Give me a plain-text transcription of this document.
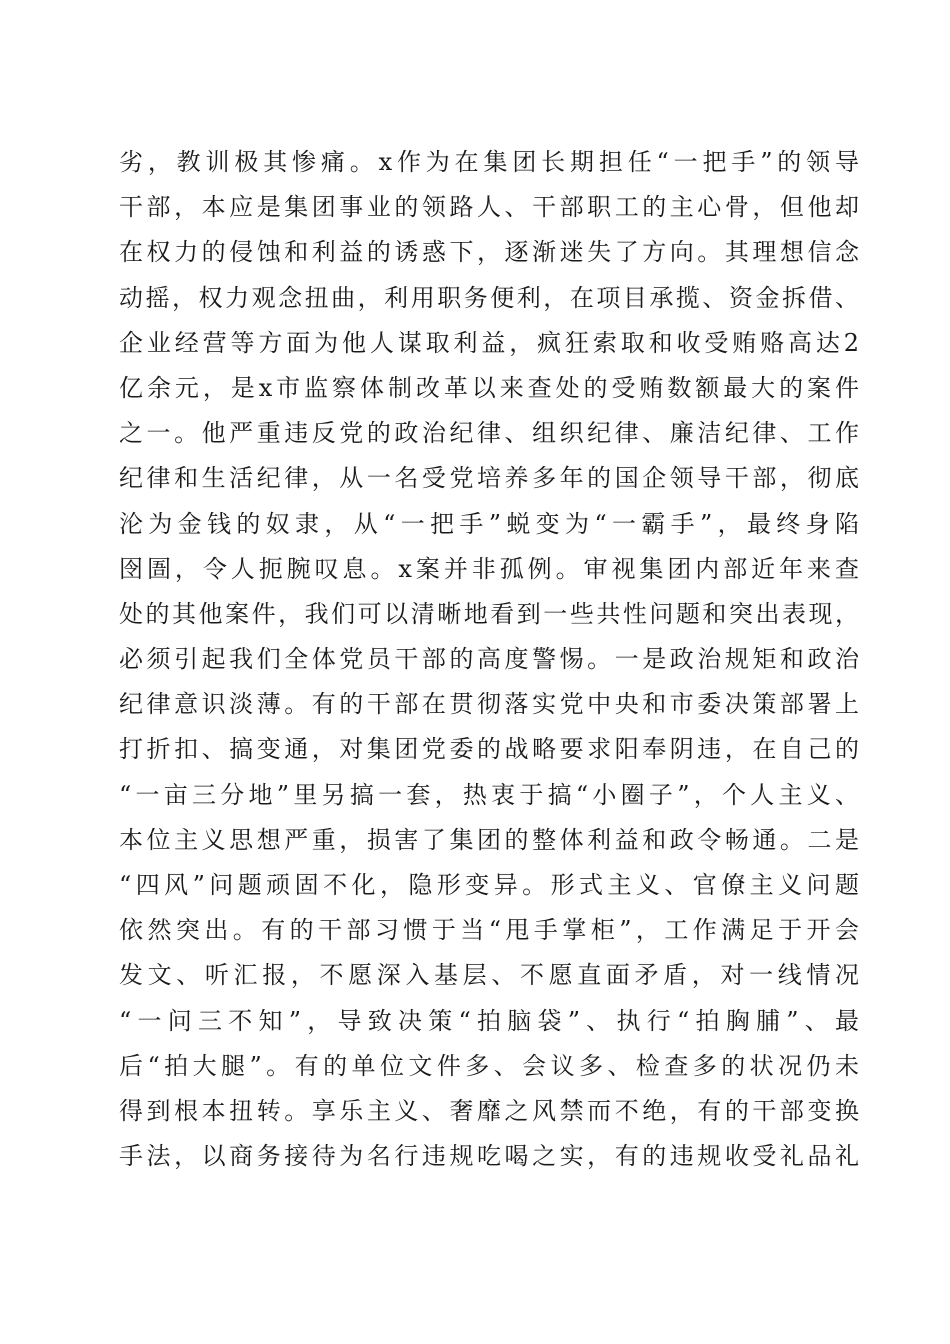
劣，教训极其惨痛。x作为在集团长期担任“一把手”的领导
干部，本应是集团事业的领路人、干部职工的主心骨，但他却
在权力的侵蚀和利益的诱惑下，逐渐迷失了方向。其理想信念
动摇，权力观念扭曲，利用职务便利，在项目承揽、资金拆借、
企业经营等方面为他人谋取利益，疯狂索取和收受贿赂高达2
亿余元，是x市监察体制改革以来查处的受贿数额最大的案件
之一。他严重违反党的政治纪律、组织纪律、廉洁纪律、工作
纪律和生活纪律，从一名受党培养多年的国企领导干部，彻底
沦为金钱的奴隶，从“一把手”蜕变为“一霸手”，最终身陷
囹圄，令人扼腕叹息。x案并非孤例。审视集团内部近年来查
处的其他案件，我们可以清晰地看到一些共性问题和突出表现，
必须引起我们全体党员干部的高度警惕。一是政治规矩和政治
纪律意识淡薄。有的干部在贯彻落实党中央和市委决策部署上
打折扣、搞变通，对集团党委的战略要求阳奉阴违，在自己的
“一亩三分地”里另搞一套，热衷于搞“小圈子”，个人主义、
本位主义思想严重，损害了集团的整体利益和政令畅通。二是
“四风”问题顽固不化，隐形变异。形式主义、官僚主义问题
依然突出。有的干部习惯于当“甩手掌柜”，工作满足于开会
发文、听汇报，不愿深入基层、不愿直面矛盾，对一线情况
“一问三不知”，导致决策“拍脑袋”、执行“拍胸脯”、最
后“拍大腿”。有的单位文件多、会议多、检查多的状况仍未
得到根本扭转。享乐主义、奢靡之风禁而不绝，有的干部变换
手法，以商务接待为名行违规吃喝之实，有的违规收受礼品礼
